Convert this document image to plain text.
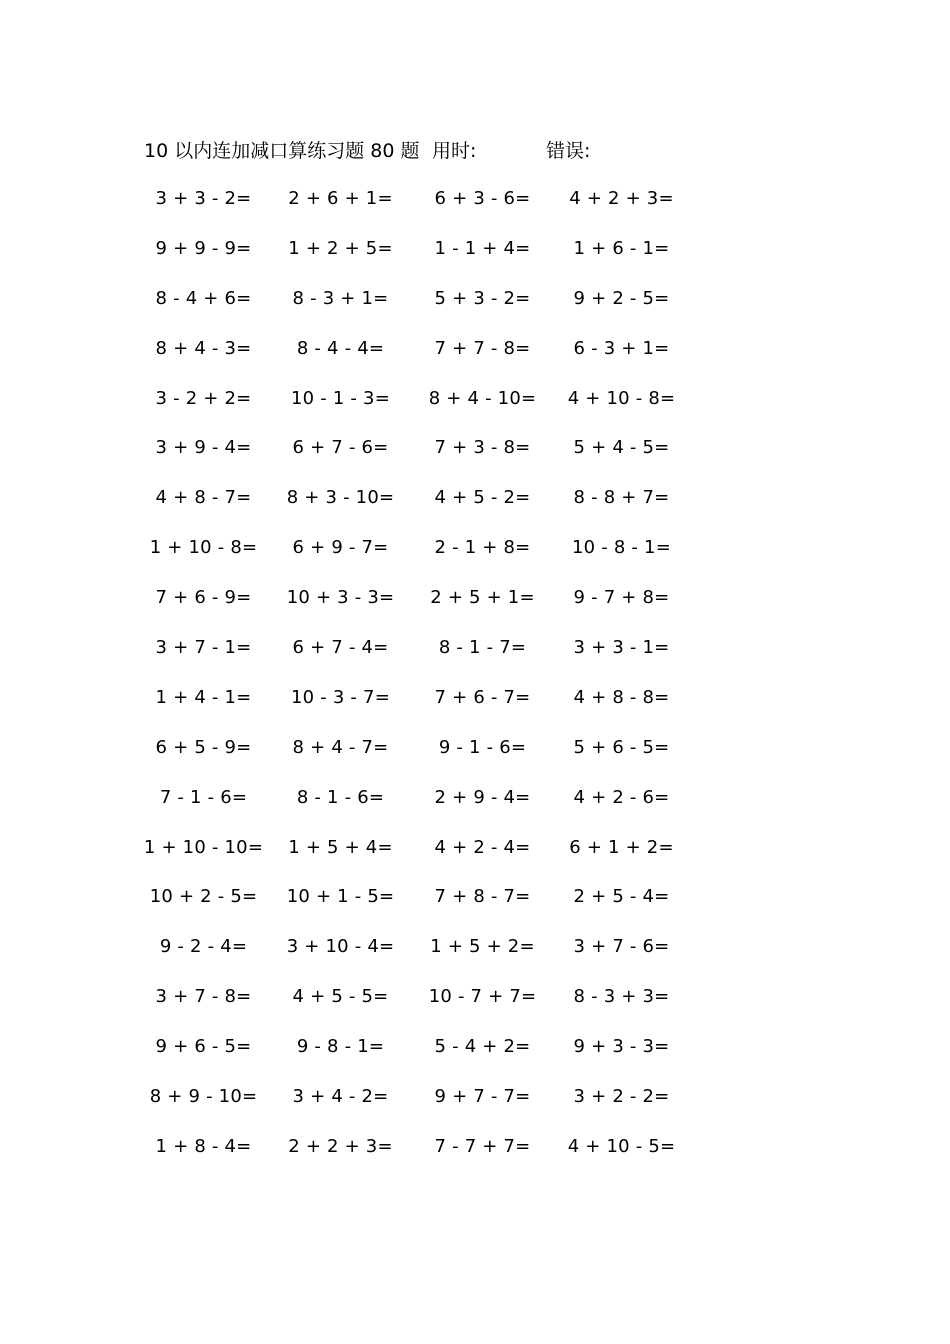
10 以内连加减口算练习题 80 题 用时:	错误:
3 + 3 - 2=	2 + 6 + 1=	6 + 3 - 6=	4 + 2 + 3=
9 + 9 - 9=	1 + 2 + 5=	1 - 1 + 4=	1 + 6 - 1=
8 - 4 + 6=	8 - 3 + 1=	5 + 3 - 2=	9 + 2 - 5=
8 + 4 - 3=	8 - 4 - 4=	7 + 7 - 8=	6 - 3 + 1=
3 - 2 + 2=	10 - 1 - 3=	8 + 4 - 10=	4 + 10 - 8=
3 + 9 - 4=	6 + 7 - 6=	7 + 3 - 8=	5 + 4 - 5=
4 + 8 - 7=	8 + 3 - 10=	4 + 5 - 2=	8 - 8 + 7=
1 + 10 - 8=	6 + 9 - 7=	2 - 1 + 8=	10 - 8 - 1=
7 + 6 - 9=	10 + 3 - 3=	2 + 5 + 1=	9 - 7 + 8=
3 + 7 - 1=	6 + 7 - 4=	8 - 1 - 7=	3 + 3 - 1=
1 + 4 - 1=	10 - 3 - 7=	7 + 6 - 7=	4 + 8 - 8=
6 + 5 - 9=	8 + 4 - 7=	9 - 1 - 6=	5 + 6 - 5=
7 - 1 - 6=	8 - 1 - 6=	2 + 9 - 4=	4 + 2 - 6=
1 + 10 - 10=	1 + 5 + 4=	4 + 2 - 4=	6 + 1 + 2=
10 + 2 - 5=	10 + 1 - 5=	7 + 8 - 7=	2 + 5 - 4=
9 - 2 - 4=	3 + 10 - 4=	1 + 5 + 2=	3 + 7 - 6=
3 + 7 - 8=	4 + 5 - 5=	10 - 7 + 7=	8 - 3 + 3=
9 + 6 - 5=	9 - 8 - 1=	5 - 4 + 2=	9 + 3 - 3=
8 + 9 - 10=	3 + 4 - 2=	9 + 7 - 7=	3 + 2 - 2=
1 + 8 - 4=	2 + 2 + 3=	7 - 7 + 7=	4 + 10 - 5=
